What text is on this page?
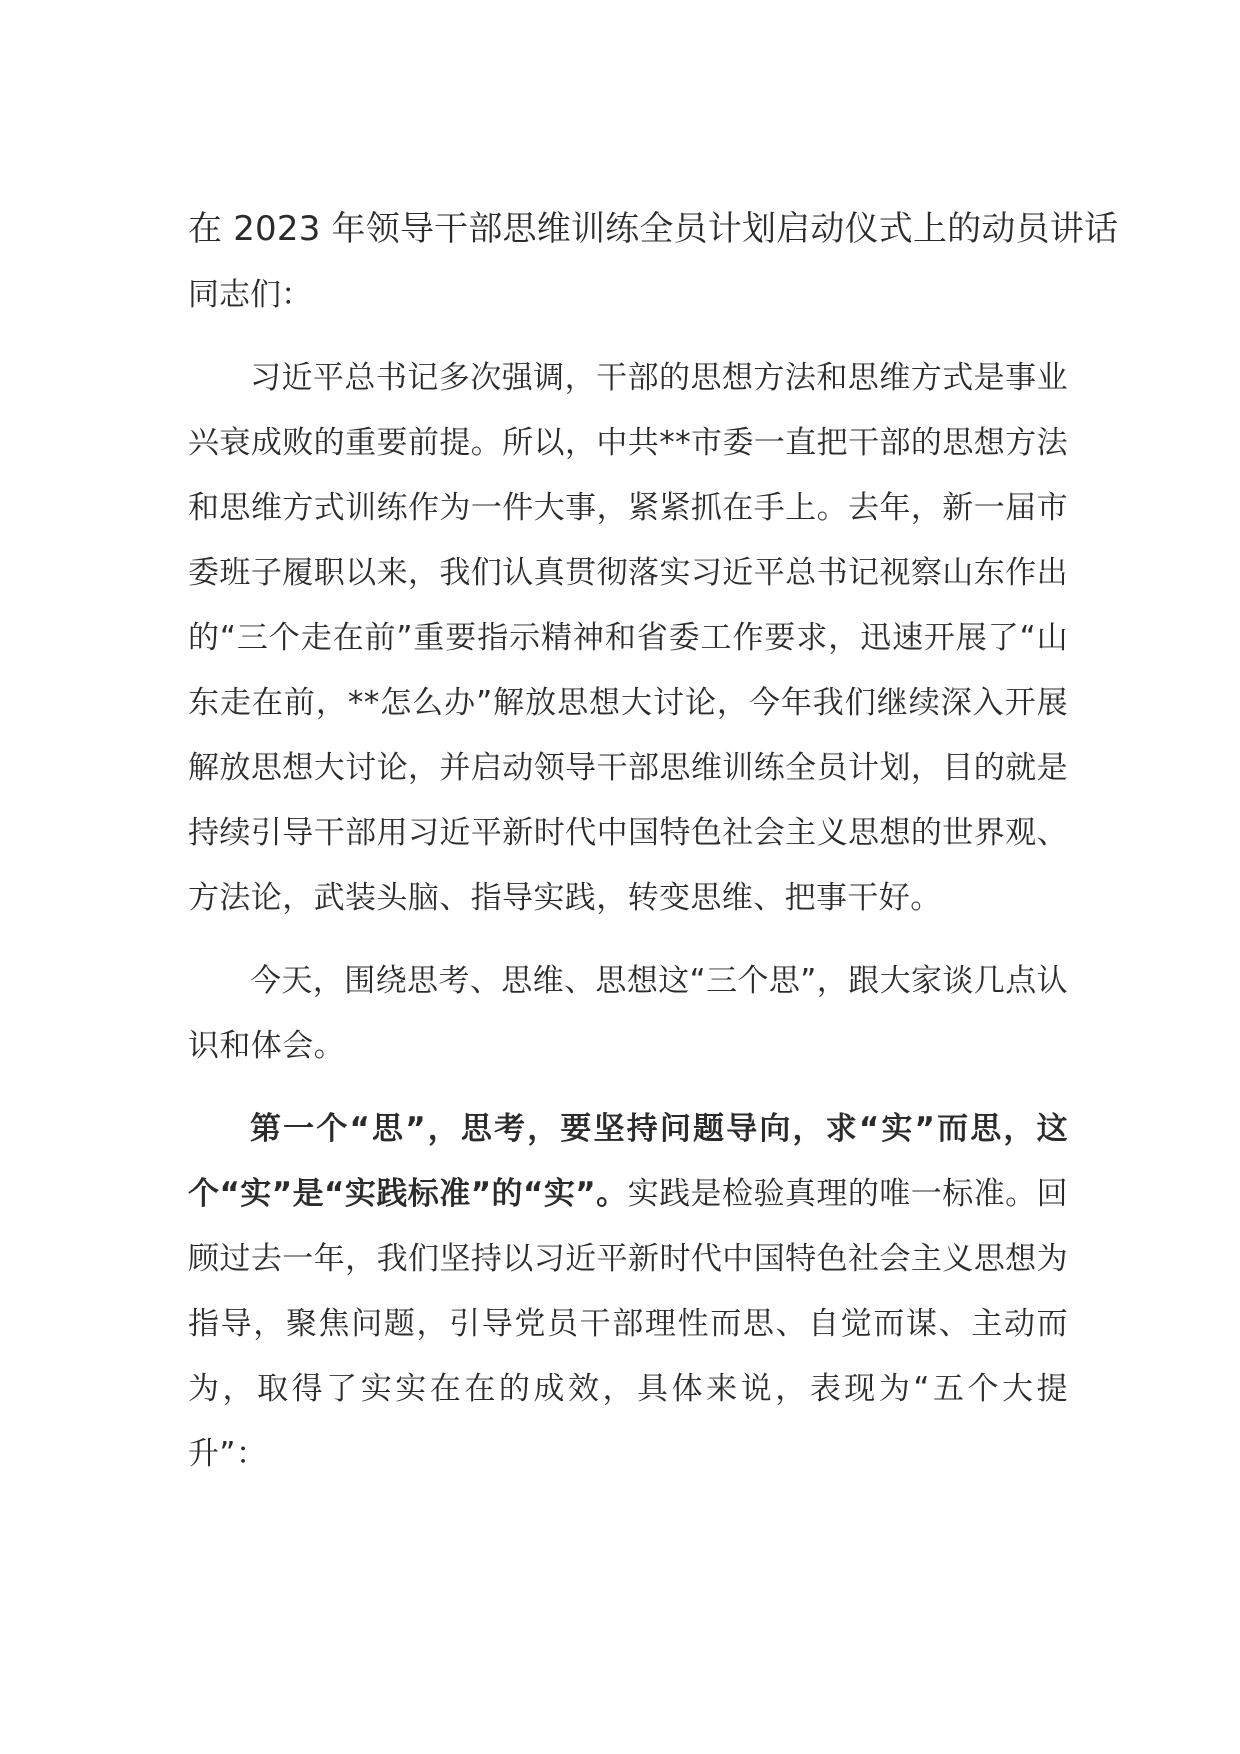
在 2023 年领导干部思维训练全员计划启动仪式上的动员讲话

同志们：

习近平总书记多次强调，干部的思想方法和思维方式是事业兴衰成败的重要前提。所以，中共**市委一直把干部的思想方法和思维方式训练作为一件大事，紧紧抓在手上。去年，新一届市委班子履职以来，我们认真贯彻落实习近平总书记视察山东作出的“三个走在前”重要指示精神和省委工作要求，迅速开展了“山东走在前，**怎么办”解放思想大讨论，今年我们继续深入开展解放思想大讨论，并启动领导干部思维训练全员计划，目的就是持续引导干部用习近平新时代中国特色社会主义思想的世界观、方法论，武装头脑、指导实践，转变思维、把事干好。

今天，围绕思考、思维、思想这“三个思”，跟大家谈几点认识和体会。

第一个“思”，思考，要坚持问题导向，求“实”而思，这个“实”是“实践标准”的“实”。实践是检验真理的唯一标准。回顾过去一年，我们坚持以习近平新时代中国特色社会主义思想为指导，聚焦问题，引导党员干部理性而思、自觉而谋、主动而为，取得了实实在在的成效，具体来说，表现为“五个大提升”：
